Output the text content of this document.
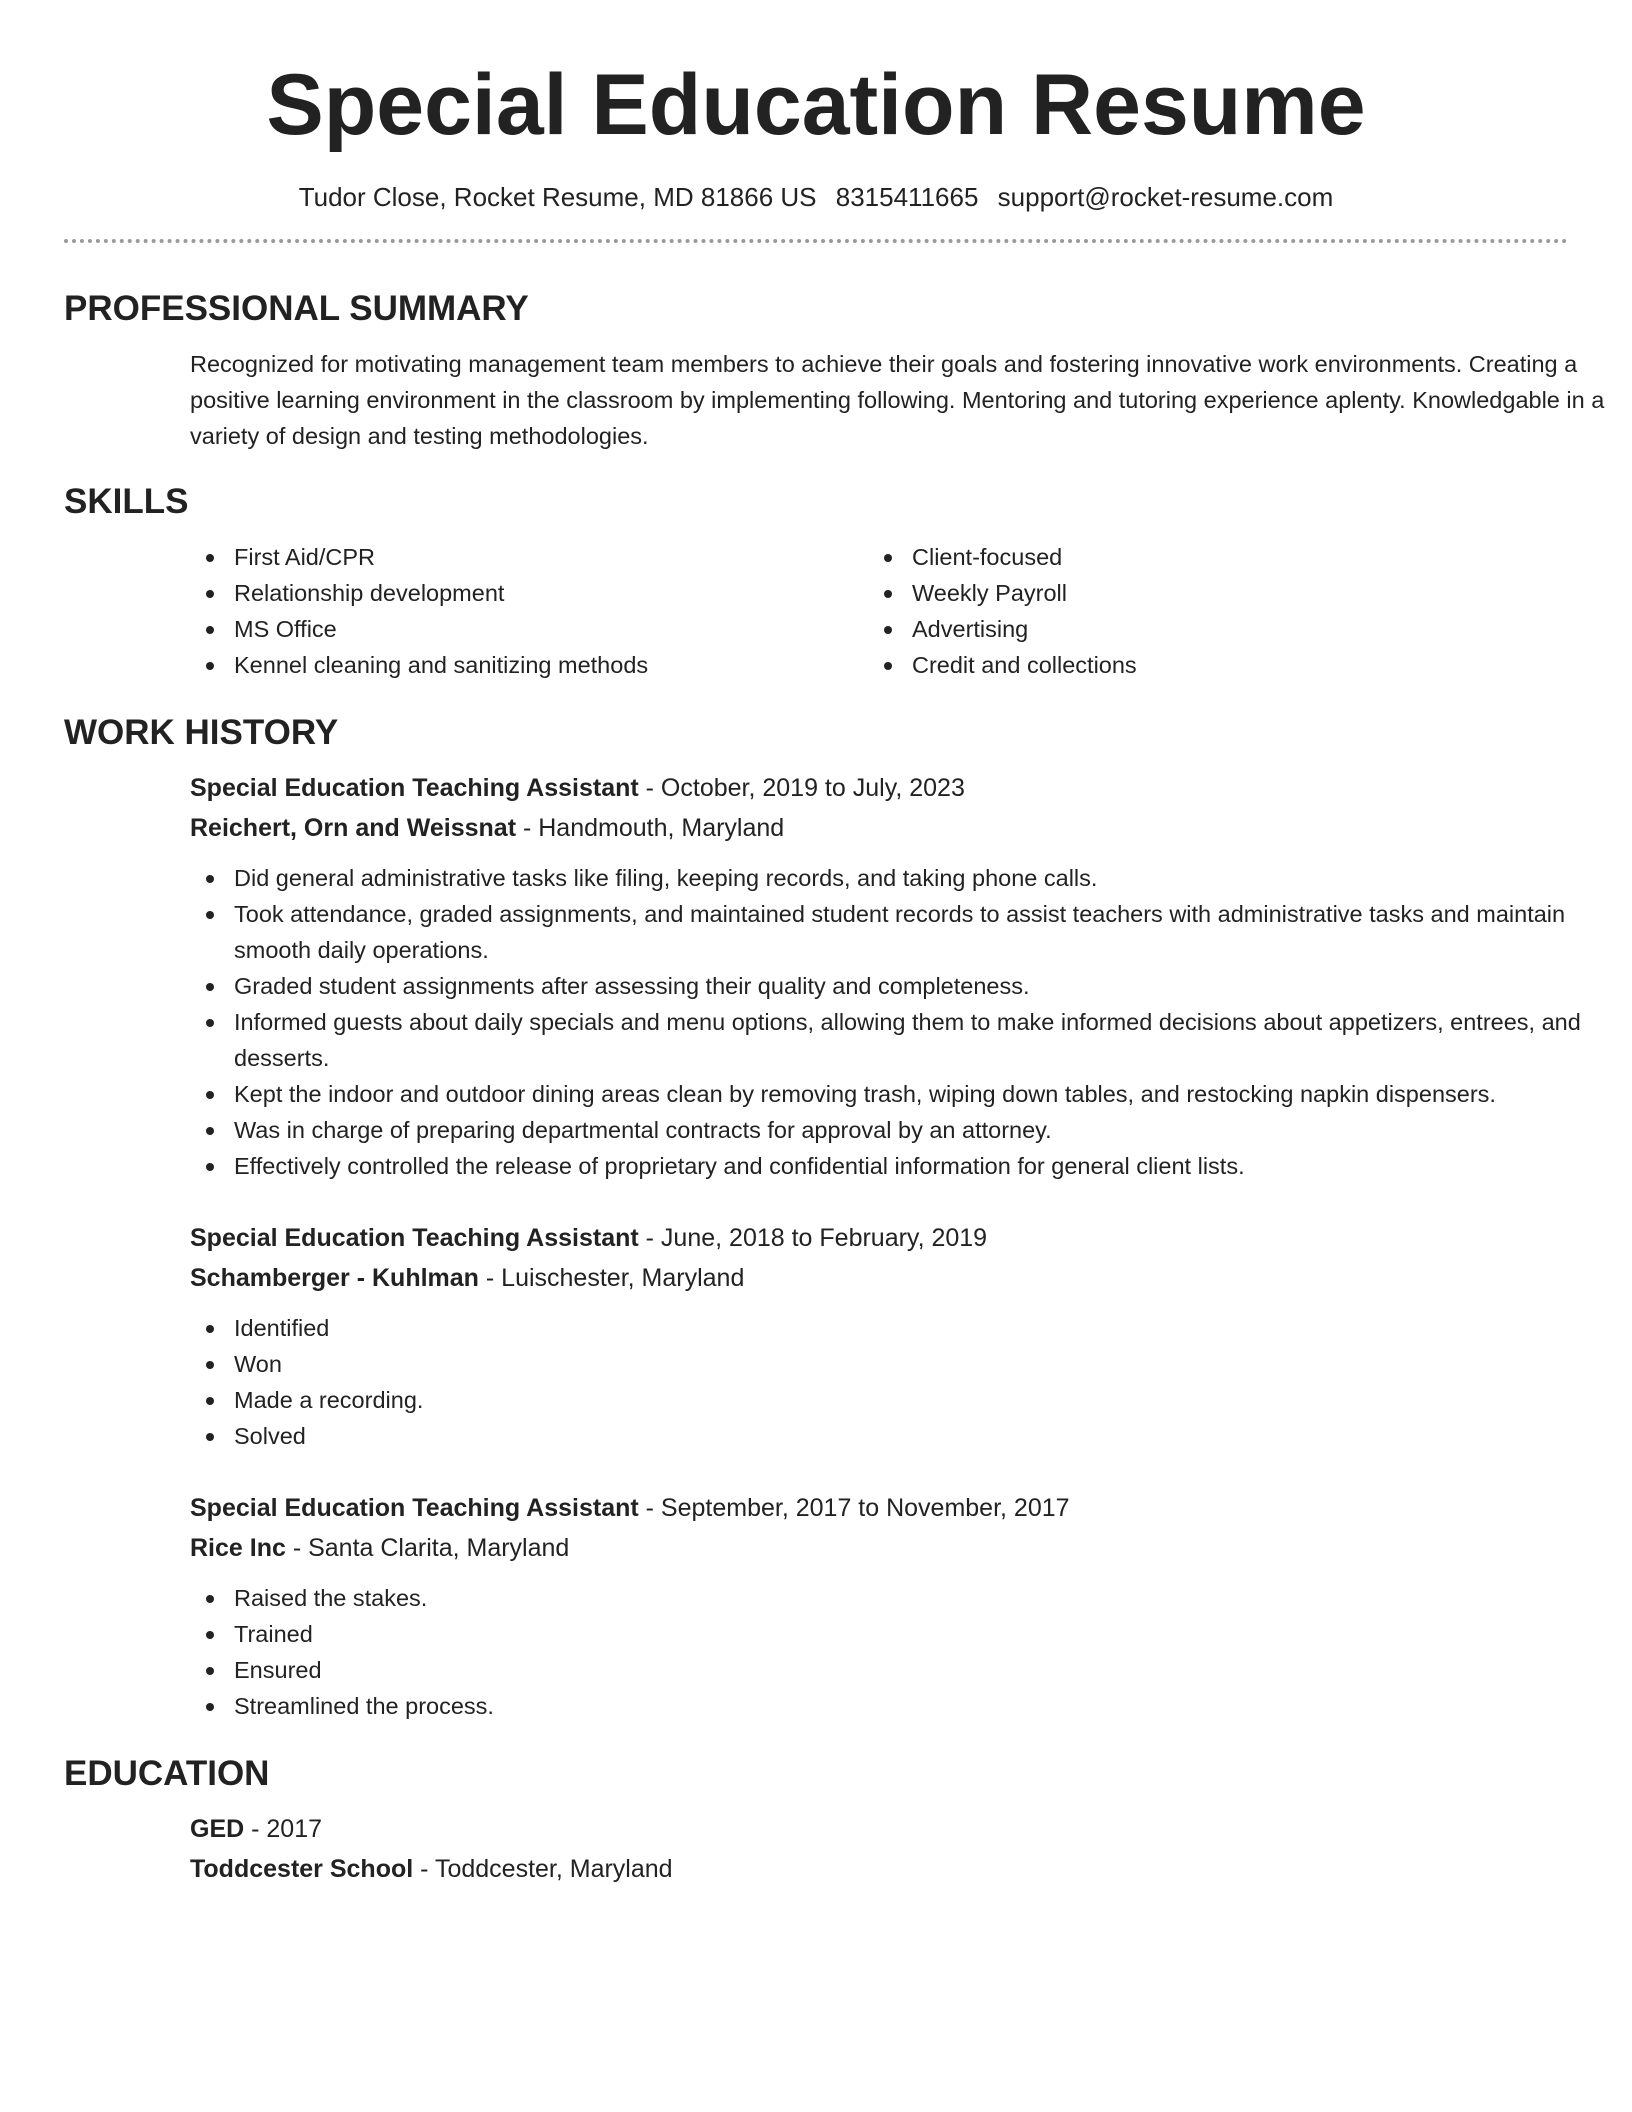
Special Education Resume
Tudor Close, Rocket Resume, MD 81866 US 8315411665 support@rocket-resume.com
PROFESSIONAL SUMMARY

Recognized for motivating management team members to achieve their goals and fostering innovative work environments. Creating a positive learning environment in the classroom by implementing following. Mentoring and tutoring experience aplenty. Knowledgable in a variety of design and testing methodologies.

SKILLS
First Aid/CPR
Relationship development
MS Office
Kennel cleaning and sanitizing methods
Client-focused
Weekly Payroll
Advertising
Credit and collections
WORK HISTORY
Special Education Teaching Assistant - October, 2019 to July, 2023
Reichert, Orn and Weissnat - Handmouth, Maryland
Did general administrative tasks like filing, keeping records, and taking phone calls.
Took attendance, graded assignments, and maintained student records to assist teachers with administrative tasks and maintain smooth daily operations.
Graded student assignments after assessing their quality and completeness.
Informed guests about daily specials and menu options, allowing them to make informed decisions about appetizers, entrees, and desserts.
Kept the indoor and outdoor dining areas clean by removing trash, wiping down tables, and restocking napkin dispensers.
Was in charge of preparing departmental contracts for approval by an attorney.
Effectively controlled the release of proprietary and confidential information for general client lists.
Special Education Teaching Assistant - June, 2018 to February, 2019
Schamberger - Kuhlman - Luischester, Maryland
Identified
Won
Made a recording.
Solved
Special Education Teaching Assistant - September, 2017 to November, 2017
Rice Inc - Santa Clarita, Maryland
Raised the stakes.
Trained
Ensured
Streamlined the process.
EDUCATION
GED - 2017
Toddcester School - Toddcester, Maryland
